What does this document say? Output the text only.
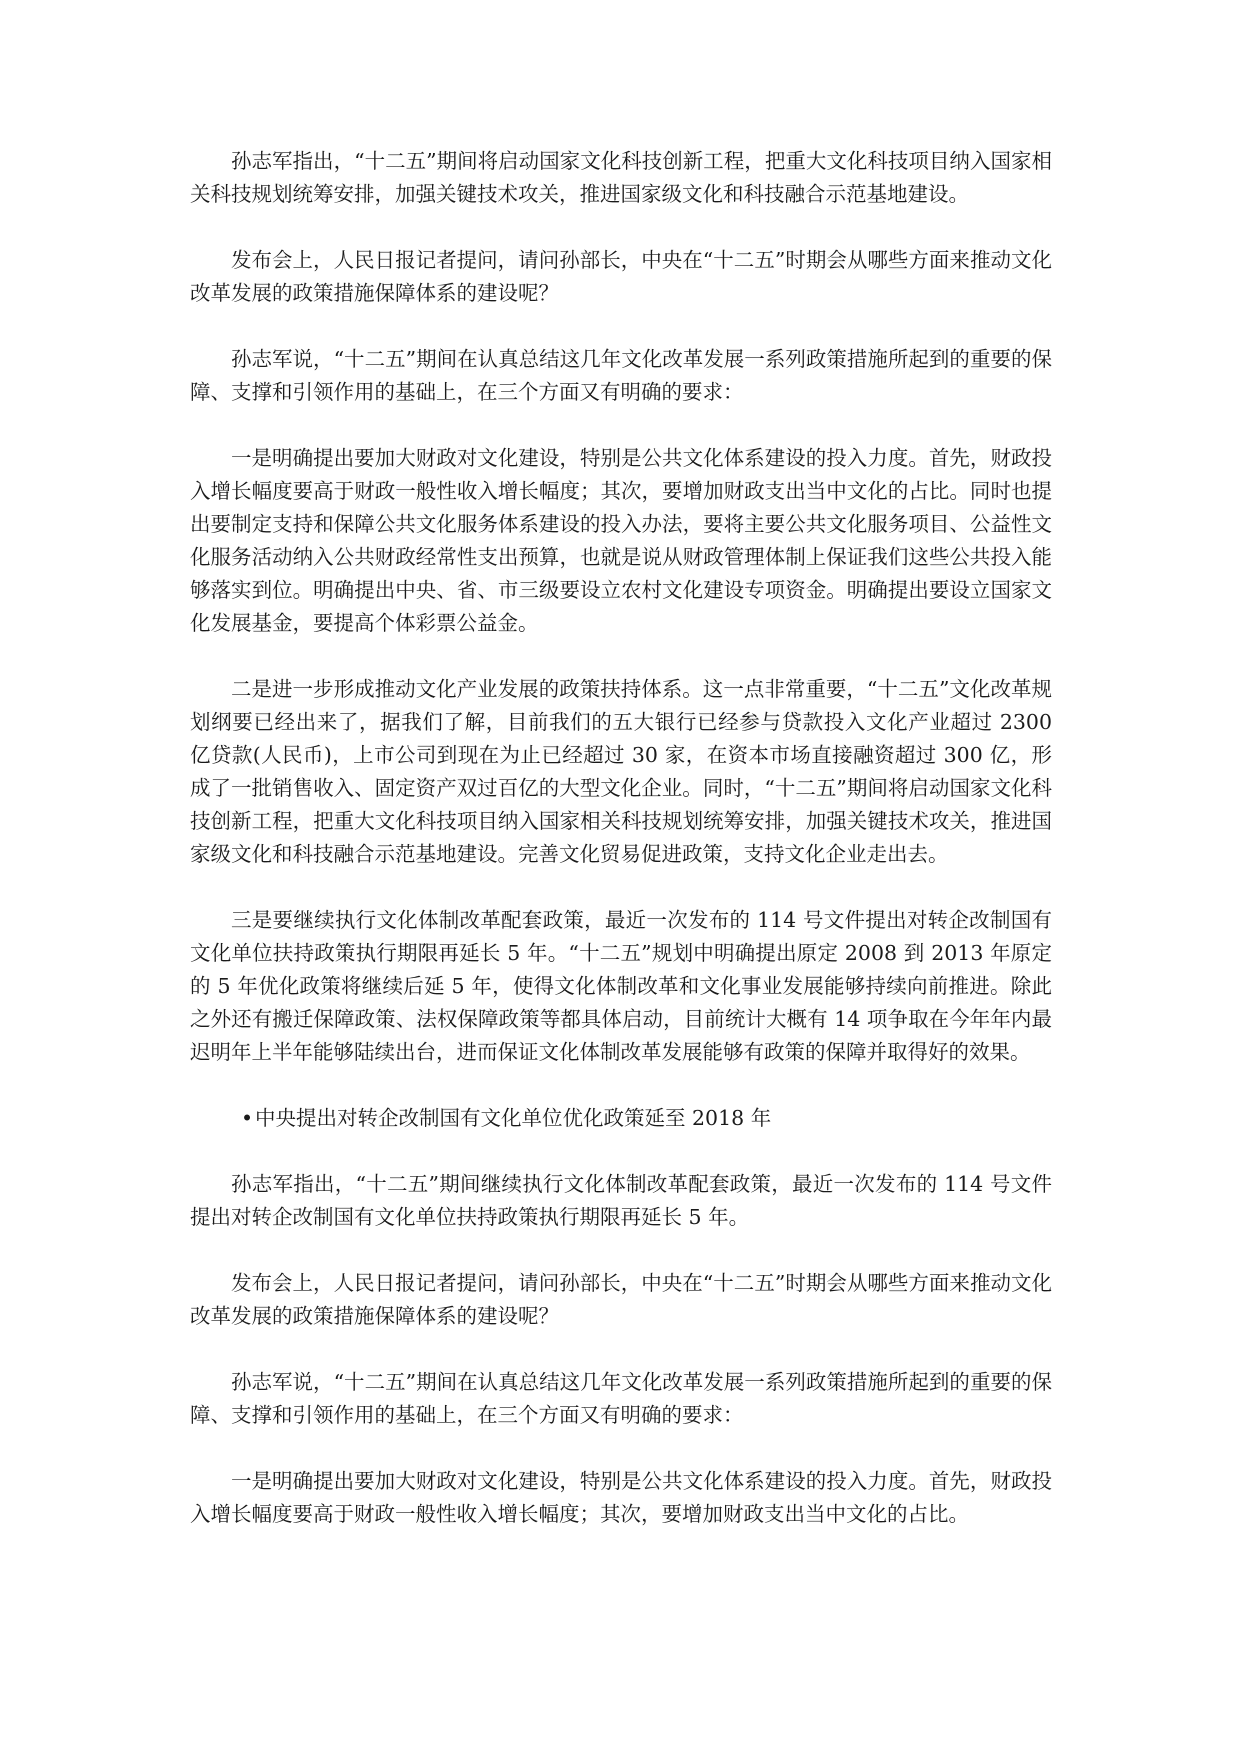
孙志军指出，“十二五”期间将启动国家文化科技创新工程，把重大文化科技项目纳入国家相关科技规划统筹安排，加强关键技术攻关，推进国家级文化和科技融合示范基地建设。

发布会上，人民日报记者提问，请问孙部长，中央在“十二五”时期会从哪些方面来推动文化改革发展的政策措施保障体系的建设呢？

孙志军说，“十二五”期间在认真总结这几年文化改革发展一系列政策措施所起到的重要的保障、支撑和引领作用的基础上，在三个方面又有明确的要求：

一是明确提出要加大财政对文化建设，特别是公共文化体系建设的投入力度。首先，财政投入增长幅度要高于财政一般性收入增长幅度；其次，要增加财政支出当中文化的占比。同时也提出要制定支持和保障公共文化服务体系建设的投入办法，要将主要公共文化服务项目、公益性文化服务活动纳入公共财政经常性支出预算，也就是说从财政管理体制上保证我们这些公共投入能够落实到位。明确提出中央、省、市三级要设立农村文化建设专项资金。明确提出要设立国家文化发展基金，要提高个体彩票公益金。

二是进一步形成推动文化产业发展的政策扶持体系。这一点非常重要，“十二五”文化改革规划纲要已经出来了，据我们了解，目前我们的五大银行已经参与贷款投入文化产业超过 2300 亿贷款(人民币)，上市公司到现在为止已经超过 30 家，在资本市场直接融资超过 300 亿，形成了一批销售收入、固定资产双过百亿的大型文化企业。同时，“十二五”期间将启动国家文化科技创新工程，把重大文化科技项目纳入国家相关科技规划统筹安排，加强关键技术攻关，推进国家级文化和科技融合示范基地建设。完善文化贸易促进政策，支持文化企业走出去。

三是要继续执行文化体制改革配套政策，最近一次发布的 114 号文件提出对转企改制国有文化单位扶持政策执行期限再延长 5 年。“十二五”规划中明确提出原定 2008 到 2013 年原定的 5 年优化政策将继续后延 5 年，使得文化体制改革和文化事业发展能够持续向前推进。除此之外还有搬迁保障政策、法权保障政策等都具体启动，目前统计大概有 14 项争取在今年年内最迟明年上半年能够陆续出台，进而保证文化体制改革发展能够有政策的保障并取得好的效果。

•中央提出对转企改制国有文化单位优化政策延至 2018 年

孙志军指出，“十二五”期间继续执行文化体制改革配套政策，最近一次发布的 114 号文件提出对转企改制国有文化单位扶持政策执行期限再延长 5 年。

发布会上，人民日报记者提问，请问孙部长，中央在“十二五”时期会从哪些方面来推动文化改革发展的政策措施保障体系的建设呢？

孙志军说，“十二五”期间在认真总结这几年文化改革发展一系列政策措施所起到的重要的保障、支撑和引领作用的基础上，在三个方面又有明确的要求：

一是明确提出要加大财政对文化建设，特别是公共文化体系建设的投入力度。首先，财政投入增长幅度要高于财政一般性收入增长幅度；其次，要增加财政支出当中文化的占比。
